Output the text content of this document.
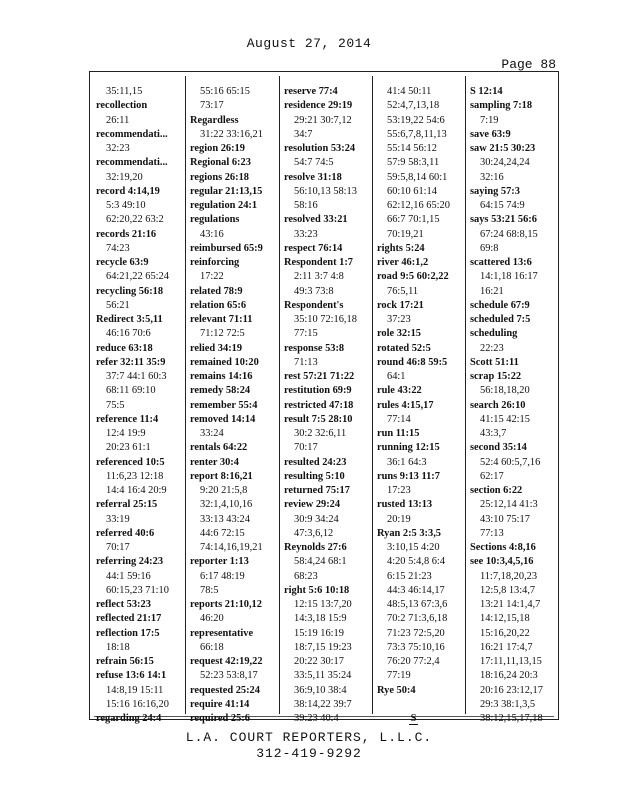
August 27, 2014
Page 88
35:11,15
recollection
26:11
recommendati...
32:23
recommendati...
32:19,20
record 4:14,19
5:3 49:10
62:20,22 63:2
records 21:16
74:23
recycle 63:9
64:21,22 65:24
recycling 56:18
56:21
Redirect 3:5,11
46:16 70:6
reduce 63:18
refer 32:11 35:9
37:7 44:1 60:3
68:11 69:10
75:5
reference 11:4
12:4 19:9
20:23 61:1
referenced 10:5
11:6,23 12:18
14:4 16:4 20:9
referral 25:15
33:19
referred 40:6
70:17
referring 24:23
44:1 59:16
60:15,23 71:10
reflect 53:23
reflected 21:17
reflection 17:5
18:18
refrain 56:15
refuse 13:6 14:1
14:8,19 15:11
15:16 16:16,20
regarding 24:4
55:16 65:15
73:17
Regardless
31:22 33:16,21
region 26:19
Regional 6:23
regions 26:18
regular 21:13,15
regulation 24:1
regulations
43:16
reimbursed 65:9
reinforcing
17:22
related 78:9
relation 65:6
relevant 71:11
71:12 72:5
relied 34:19
remained 10:20
remains 14:16
remedy 58:24
remember 55:4
removed 14:14
33:24
rentals 64:22
renter 30:4
report 8:16,21
9:20 21:5,8
32:1,4,10,16
33:13 43:24
44:6 72:15
74:14,16,19,21
reporter 1:13
6:17 48:19
78:5
reports 21:10,12
46:20
representative
66:18
request 42:19,22
52:23 53:8,17
requested 25:24
require 41:14
required 25:6
reserve 77:4
residence 29:19
29:21 30:7,12
34:7
resolution 53:24
54:7 74:5
resolve 31:18
56:10,13 58:13
58:16
resolved 33:21
33:23
respect 76:14
Respondent 1:7
2:11 3:7 4:8
49:3 73:8
Respondent's
35:10 72:16,18
77:15
response 53:8
71:13
rest 57:21 71:22
restitution 69:9
restricted 47:18
result 7:5 28:10
30:2 32:6,11
70:17
resulted 24:23
resulting 5:10
returned 75:17
review 29:24
30:9 34:24
47:3,6,12
Reynolds 27:6
58:4,24 68:1
68:23
right 5:6 10:18
12:15 13:7,20
14:3,18 15:9
15:19 16:19
18:7,15 19:23
20:22 30:17
33:5,11 35:24
36:9,10 38:4
38:14,22 39:7
39:23 40:4
41:4 50:11
52:4,7,13,18
53:19,22 54:6
55:6,7,8,11,13
55:14 56:12
57:9 58:3,11
59:5,8,14 60:1
60:10 61:14
62:12,16 65:20
66:7 70:1,15
70:19,21
rights 5:24
river 46:1,2
road 9:5 60:2,22
76:5,11
rock 17:21
37:23
role 32:15
rotated 52:5
round 46:8 59:5
64:1
rule 43:22
rules 4:15,17
77:14
run 11:15
running 12:15
36:1 64:3
runs 9:13 11:7
17:23
rusted 13:13
20:19
Ryan 2:5 3:3,5
3:10,15 4:20
4:20 5:4,8 6:4
6:15 21:23
44:3 46:14,17
48:5,13 67:3,6
70:2 71:3,6,18
71:23 72:5,20
73:3 75:10,16
76:20 77:2,4
77:19
Rye 50:4
S
S 12:14
sampling 7:18
7:19
save 63:9
saw 21:5 30:23
30:24,24,24
32:16
saying 57:3
64:15 74:9
says 53:21 56:6
67:24 68:8,15
69:8
scattered 13:6
14:1,18 16:17
16:21
schedule 67:9
scheduled 7:5
scheduling
22:23
Scott 51:11
scrap 15:22
56:18,18,20
search 26:10
41:15 42:15
43:3,7
second 35:14
52:4 60:5,7,16
62:17
section 6:22
25:12,14 41:3
43:10 75:17
77:13
Sections 4:8,16
see 10:3,4,5,16
11:7,18,20,23
12:5,8 13:4,7
13:21 14:1,4,7
14:12,15,18
15:16,20,22
16:21 17:4,7
17:11,11,13,15
18:16,24 20:3
20:16 23:12,17
29:3 38:1,3,5
38:12,15,17,18
L.A. COURT REPORTERS, L.L.C.
312-419-9292
